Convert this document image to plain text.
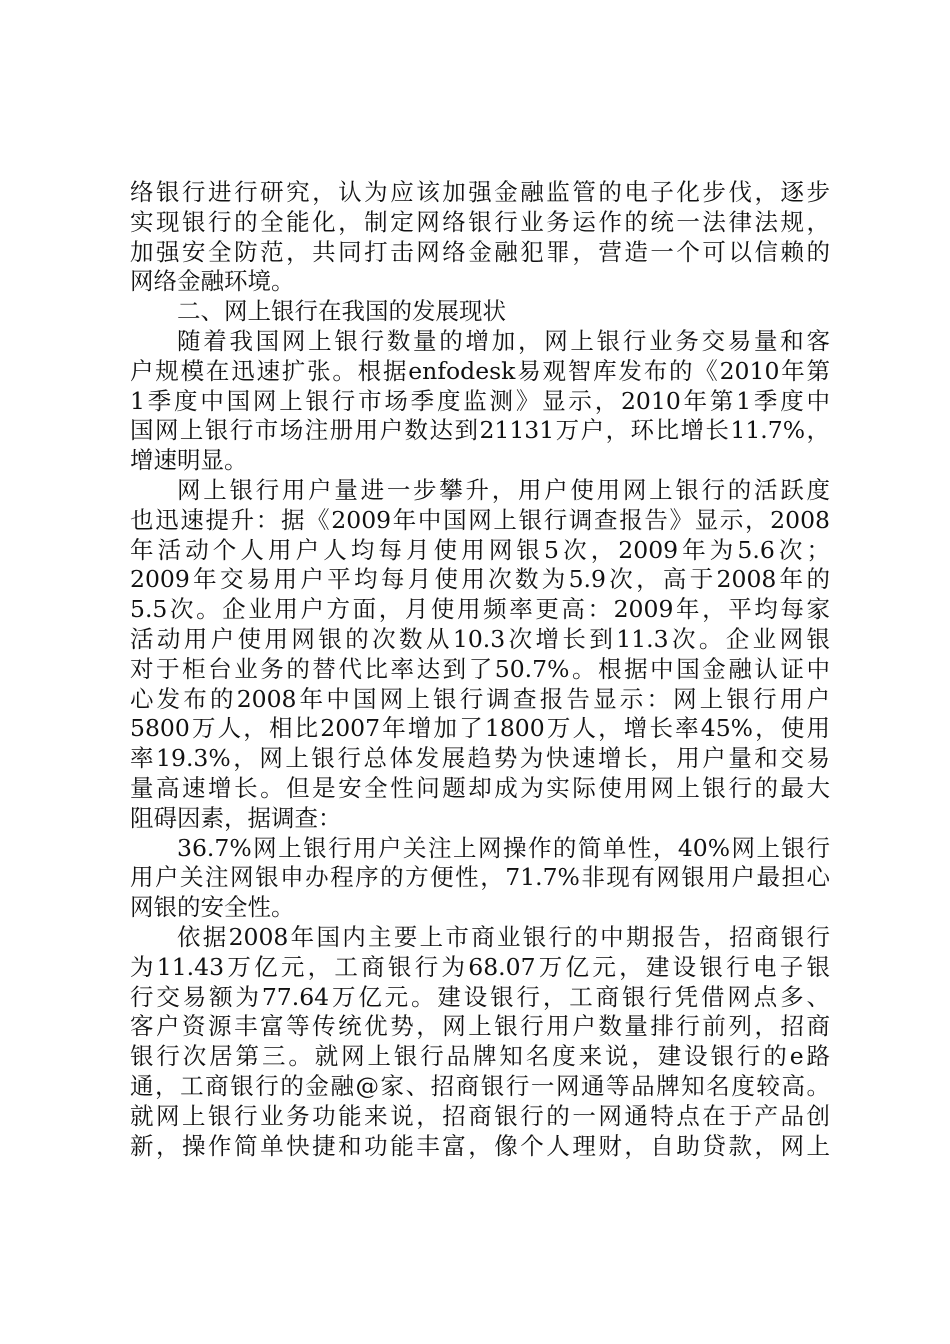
络银行进行研究，认为应该加强金融监管的电子化步伐，逐步
实现银行的全能化，制定网络银行业务运作的统一法律法规，
加强安全防范，共同打击网络金融犯罪，营造一个可以信赖的
网络金融环境。
二、网上银行在我国的发展现状
随着我国网上银行数量的增加，网上银行业务交易量和客
户规模在迅速扩张。根据enfodesk易观智库发布的《2010年第
1季度中国网上银行市场季度监测》显示，2010年第1季度中
国网上银行市场注册用户数达到21131万户，环比增长11.7%，
增速明显。
网上银行用户量进一步攀升，用户使用网上银行的活跃度
也迅速提升：据《2009年中国网上银行调查报告》显示，2008
年活动个人用户人均每月使用网银5次，2009年为5.6次；
2009年交易用户平均每月使用次数为5.9次，高于2008年的
5.5次。企业用户方面，月使用频率更高：2009年，平均每家
活动用户使用网银的次数从10.3次增长到11.3次。企业网银
对于柜台业务的替代比率达到了50.7%。根据中国金融认证中
心发布的2008年中国网上银行调查报告显示：网上银行用户
5800万人，相比2007年增加了1800万人，增长率45%，使用
率19.3%，网上银行总体发展趋势为快速增长，用户量和交易
量高速增长。但是安全性问题却成为实际使用网上银行的最大
阻碍因素，据调查：
36.7%网上银行用户关注上网操作的简单性，40%网上银行
用户关注网银申办程序的方便性，71.7%非现有网银用户最担心
网银的安全性。
依据2008年国内主要上市商业银行的中期报告，招商银行
为11.43万亿元，工商银行为68.07万亿元，建设银行电子银
行交易额为77.64万亿元。建设银行，工商银行凭借网点多、
客户资源丰富等传统优势，网上银行用户数量排行前列，招商
银行次居第三。就网上银行品牌知名度来说，建设银行的e路
通，工商银行的金融@家、招商银行一网通等品牌知名度较高。
就网上银行业务功能来说，招商银行的一网通特点在于产品创
新，操作简单快捷和功能丰富，像个人理财，自助贷款，网上
